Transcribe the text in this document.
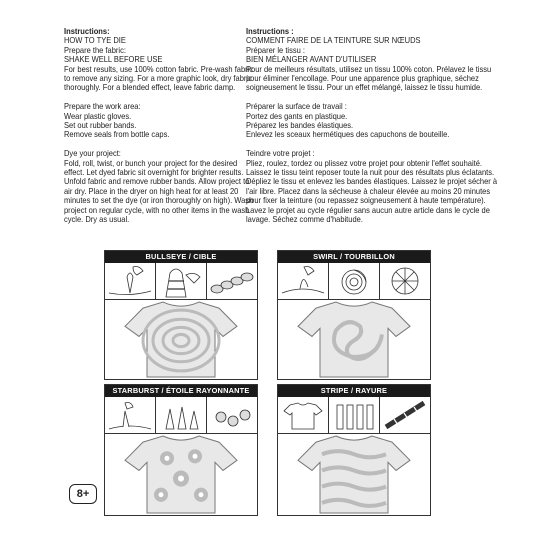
Instructions:
HOW TO TYE DIE
Prepare the fabric:
SHAKE WELL BEFORE USE
For best results, use 100% cotton fabric. Pre-wash fabric
to remove any sizing. For a more graphic look, dry fabric
thoroughly. For a blended effect, leave fabric damp.

Prepare the work area:
Wear plastic gloves.
Set out rubber bands.
Remove seals from bottle caps.

Dye your project:
Fold, roll, twist, or bunch your project for the desired
effect. Let dyed fabric sit overnight for brighter results.
Unfold fabric and remove rubber bands. Allow project to
air dry. Place in the dryer on high heat for at least 20
minutes to set the dye (or iron thoroughly on high). Wash
project on regular cycle, with no other items in the wash
cycle. Dry as usual.

Instructions :
COMMENT FAIRE DE LA TEINTURE SUR NŒUDS
Préparer le tissu :
BIEN MÉLANGER AVANT D'UTILISER
Pour de meilleurs résultats, utilisez un tissu 100% coton. Prélavez le tissu
pour éliminer l'encollage. Pour une apparence plus graphique, séchez
soigneusement le tissu. Pour un effet mélangé, laissez le tissu humide.

Préparer la surface de travail :
Portez des gants en plastique.
Préparez les bandes élastiques.
Enlevez les sceaux hermétiques des capuchons de bouteille.

Teindre votre projet :
Pliez, roulez, tordez ou plissez votre projet pour obtenir l'effet souhaité.
Laissez le tissu teint reposer toute la nuit pour des résultats plus éclatants.
Dépliez le tissu et enlevez les bandes élastiques. Laissez le projet sécher à
l'air libre. Placez dans la sécheuse à chaleur élevée au moins 20 minutes
pour fixer la teinture (ou repassez soigneusement à haute température).
Lavez le projet au cycle régulier sans aucun autre article dans le cycle de
lavage. Séchez comme d'habitude.

BULLSEYE / CIBLE	SWIRL / TOURBILLON
STARBURST / ÉTOILE RAYONNANTE	STRIPE / RAYURE
8+
